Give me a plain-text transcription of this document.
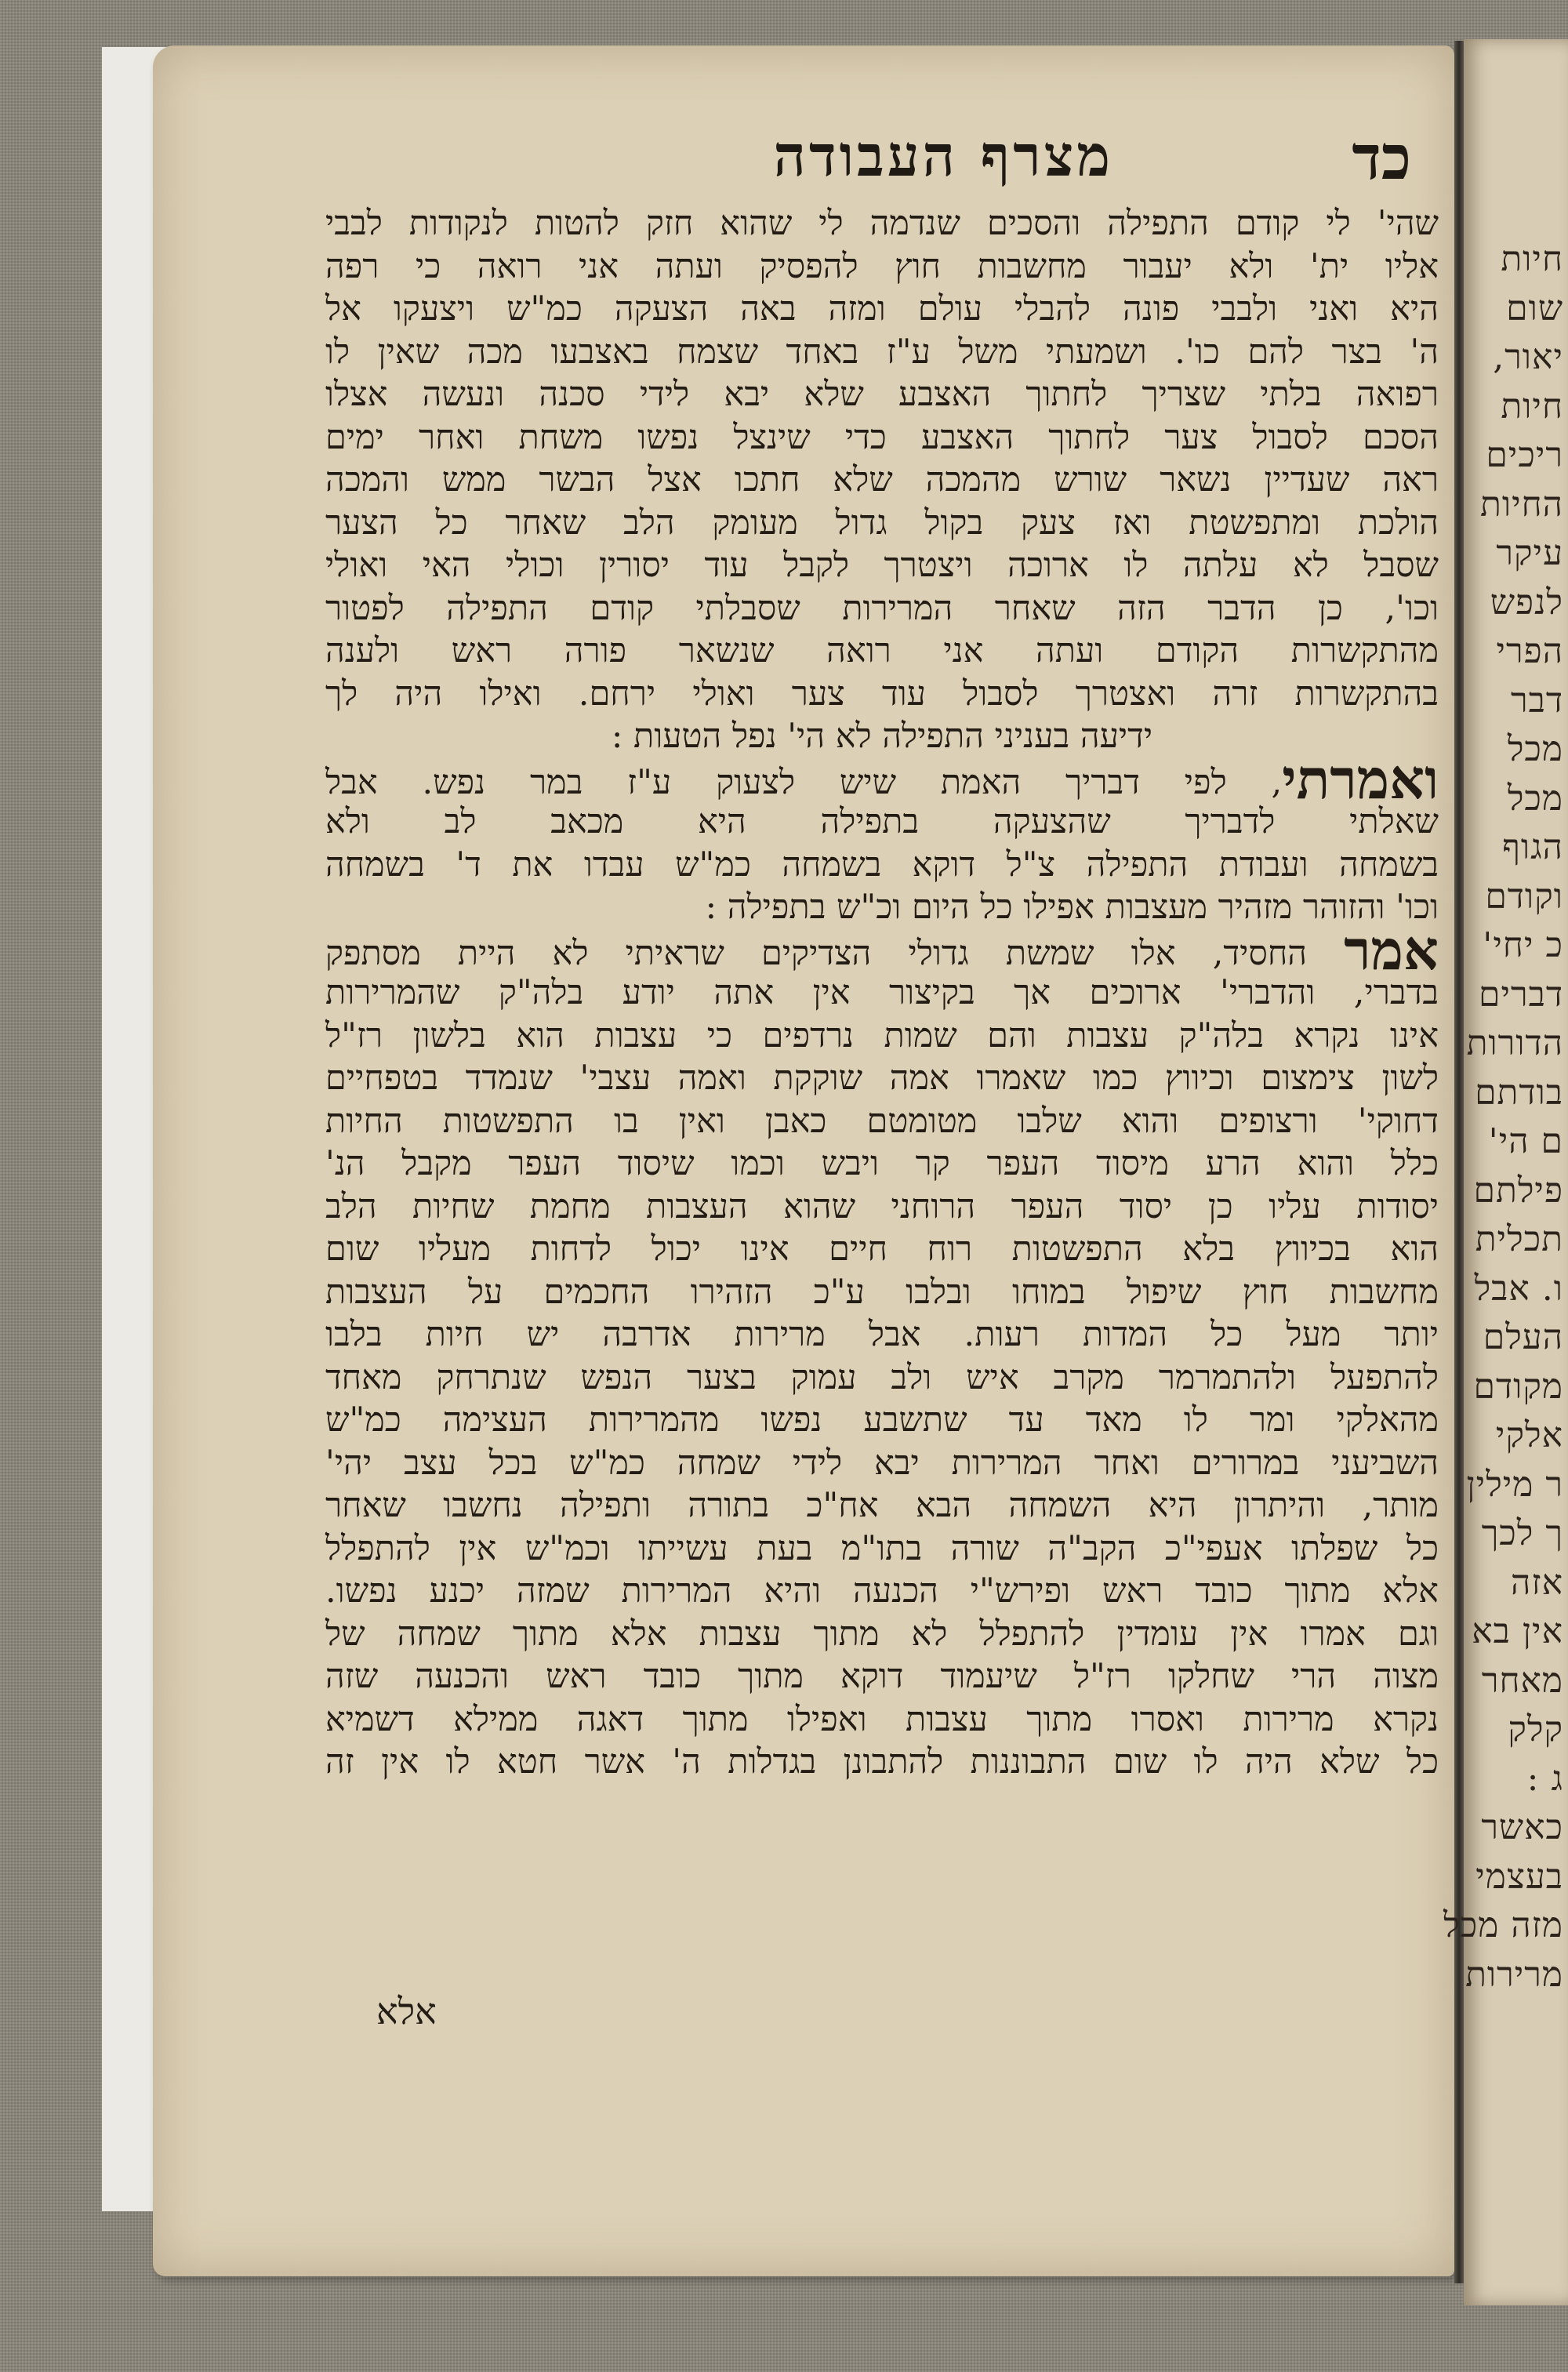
חיות
שום
יאור,
חיות
ריכים
החיות
עיקר
לנפש
הפרי
דבר
מכל
מכל
הגוף
וקודם
כ יחי'
דברים
הדורות
בודתם
ם הי'
פילתם
תכלית
ו. אבל
העלם
מקודם
אלקי
ר מילין
ך לכך
אזה
אין בא
מאחר
קלק
ג :
כאשר
בעצמי
מזה מכל
מרירות
כד
מצרף העבודה
שהי' לי קודם התפילה והסכים שנדמה לי שהוא חזק להטות לנקודות לבבי
אליו ית' ולא יעבור מחשבות חוץ להפסיק ועתה אני רואה כי רפה
היא ואני ולבבי פונה להבלי עולם ומזה באה הצעקה כמ"ש ויצעקו אל
ה' בצר להם כו'. ושמעתי משל ע"ז באחד שצמח באצבעו מכה שאין לו
רפואה בלתי שצריך לחתוך האצבע שלא יבא לידי סכנה ונעשה אצלו
הסכם לסבול צער לחתוך האצבע כדי שינצל נפשו משחת ואחר ימים
ראה שעדיין נשאר שורש מהמכה שלא חתכו אצל הבשר ממש והמכה
הולכת ומתפשטת ואז צעק בקול גדול מעומק הלב שאחר כל הצער
שסבל לא עלתה לו ארוכה ויצטרך לקבל עוד יסורין וכולי האי ואולי
וכו', כן הדבר הזה שאחר המרירות שסבלתי קודם התפילה לפטור
מהתקשרות הקודם ועתה אני רואה שנשאר פורה ראש ולענה
בהתקשרות זרה ואצטרך לסבול עוד צער ואולי ירחם. ואילו היה לך
ידיעה בעניני התפילה לא הי' נפל הטעות :
ואמרתי, לפי דבריך האמת שיש לצעוק ע"ז במר נפש. אבל
שאלתי לדבריך שהצעקה בתפילה היא מכאב לב ולא
בשמחה ועבודת התפילה צ"ל דוקא בשמחה כמ"ש עבדו את ד' בשמחה
וכו' והזוהר מזהיר מעצבות אפילו כל היום וכ"ש בתפילה :
אמר החסיד, אלו שמשת גדולי הצדיקים שראיתי לא היית מסתפק
בדברי, והדברי' ארוכים אך בקיצור אין אתה יודע בלה"ק שהמרירות
אינו נקרא בלה"ק עצבות והם שמות נרדפים כי עצבות הוא בלשון רז"ל
לשון צימצום וכיווץ כמו שאמרו אמה שוקקת ואמה עצבי' שנמדד בטפחיים
דחוקי' ורצופים והוא שלבו מטומטם כאבן ואין בו התפשטות החיות
כלל והוא הרע מיסוד העפר קר ויבש וכמו שיסוד העפר מקבל הנ'
יסודות עליו כן יסוד העפר הרוחני שהוא העצבות מחמת שחיות הלב
הוא בכיווץ בלא התפשטות רוח חיים אינו יכול לדחות מעליו שום
מחשבות חוץ שיפול במוחו ובלבו ע"כ הזהירו החכמים על העצבות
יותר מעל כל המדות רעות. אבל מרירות אדרבה יש חיות בלבו
להתפעל ולהתמרמר מקרב איש ולב עמוק בצער הנפש שנתרחק מאחד
מהאלקי ומר לו מאד עד שתשבע נפשו מהמרירות העצימה כמ"ש
השביעני במרורים ואחר המרירות יבא לידי שמחה כמ"ש בכל עצב יהי'
מותר, והיתרון היא השמחה הבא אח"כ בתורה ותפילה נחשבו שאחר
כל שפלתו אעפי"כ הקב"ה שורה בתו"מ בעת עשייתו וכמ"ש אין להתפלל
אלא מתוך כובד ראש ופירש"י הכנעה והיא המרירות שמזה יכנע נפשו.
וגם אמרו אין עומדין להתפלל לא מתוך עצבות אלא מתוך שמחה של
מצוה הרי שחלקו רז"ל שיעמוד דוקא מתוך כובד ראש והכנעה שזה
נקרא מרירות ואסרו מתוך עצבות ואפילו מתוך דאגה ממילא דשמיא
כל שלא היה לו שום התבוננות להתבונן בגדלות ה' אשר חטא לו אין זה
אלא
